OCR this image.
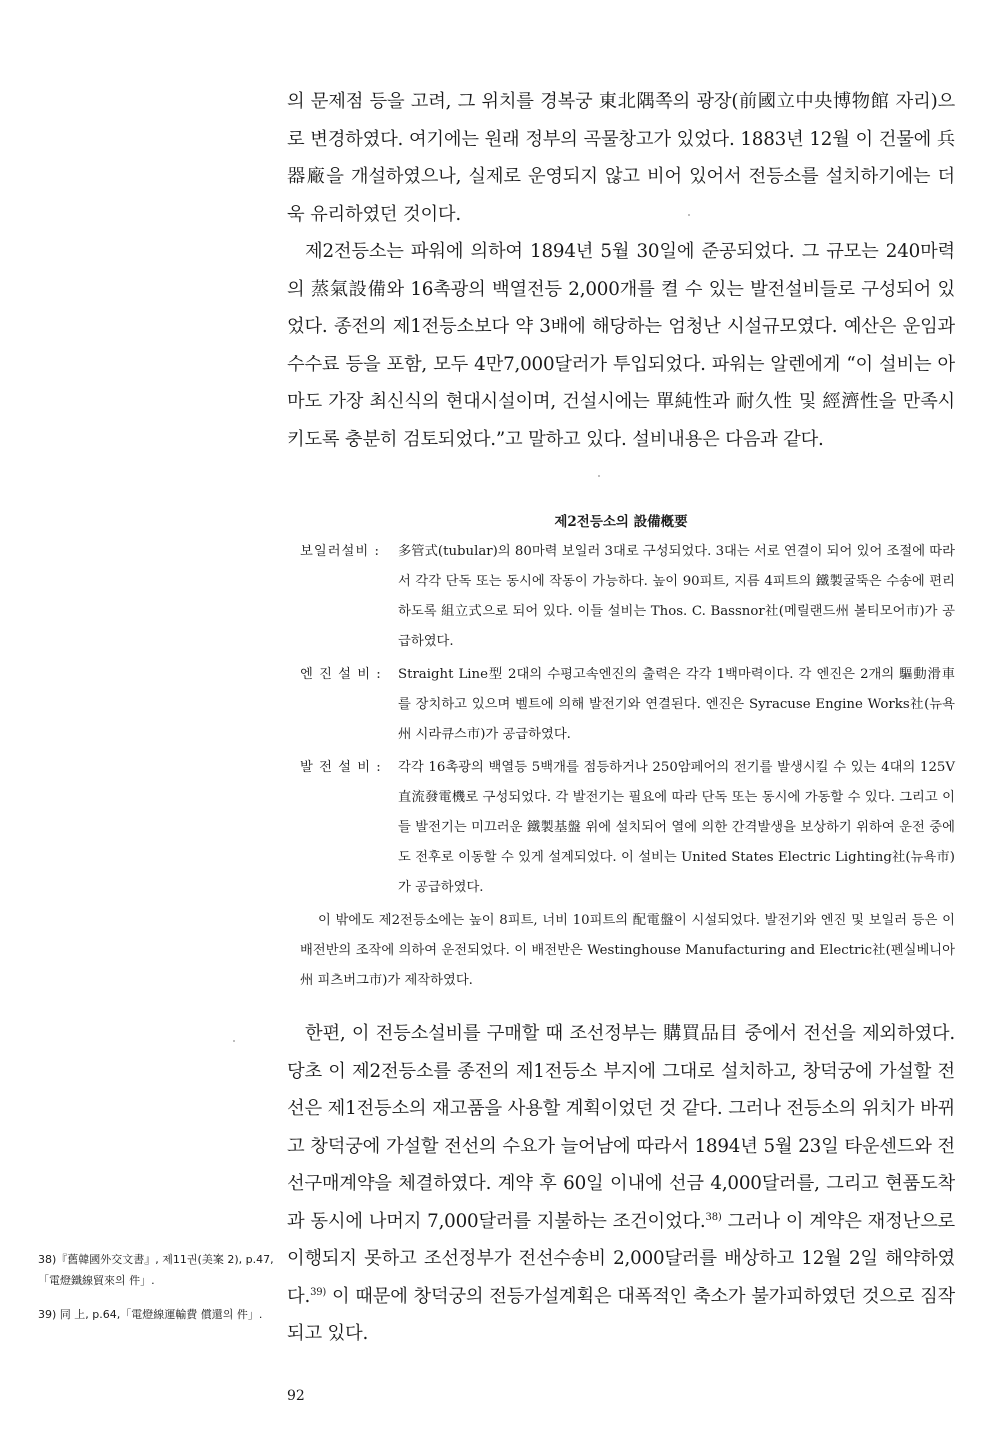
의 문제점 등을 고려, 그 위치를 경복궁 東北隅쪽의 광장(前國立中央博物館 자리)으로 변경하였다. 여기에는 원래 정부의 곡물창고가 있었다. 1883년 12월 이 건물에 兵器廠을 개설하였으나, 실제로 운영되지 않고 비어 있어서 전등소를 설치하기에는 더욱 유리하였던 것이다.

제2전등소는 파워에 의하여 1894년 5월 30일에 준공되었다. 그 규모는 240마력의 蒸氣設備와 16촉광의 백열전등 2,000개를 켤 수 있는 발전설비들로 구성되어 있었다. 종전의 제1전등소보다 약 3배에 해당하는 엄청난 시설규모였다. 예산은 운임과 수수료 등을 포함, 모두 4만7,000달러가 투입되었다. 파워는 알렌에게 “이 설비는 아마도 가장 최신식의 현대시설이며, 건설시에는 單純性과 耐久性 및 經濟性을 만족시키도록 충분히 검토되었다.”고 말하고 있다. 설비내용은 다음과 같다.

제2전등소의 設備槪要
보일러설비 :	多管式(tubular)의 80마력 보일러 3대로 구성되었다. 3대는 서로 연결이 되어 있어 조절에 따라서 각각 단독 또는 동시에 작동이 가능하다. 높이 90피트, 지름 4피트의 鐵製굴뚝은 수송에 편리하도록 組立式으로 되어 있다. 이들 설비는 Thos. C. Bassnor社(메릴랜드州 볼티모어市)가 공급하였다.
엔 진 설 비 :	Straight Line型 2대의 수평고속엔진의 출력은 각각 1백마력이다. 각 엔진은 2개의 驅動滑車를 장치하고 있으며 벨트에 의해 발전기와 연결된다. 엔진은 Syracuse Engine Works社(뉴욕州 시라큐스市)가 공급하였다.
발 전 설 비 :	각각 16촉광의 백열등 5백개를 점등하거나 250암페어의 전기를 발생시킬 수 있는 4대의 125V 直流發電機로 구성되었다. 각 발전기는 필요에 따라 단독 또는 동시에 가동할 수 있다. 그리고 이들 발전기는 미끄러운 鐵製基盤 위에 설치되어 열에 의한 간격발생을 보상하기 위하여 운전 중에도 전후로 이동할 수 있게 설계되었다. 이 설비는 United States Electric Lighting社(뉴욕市)가 공급하였다.
이 밖에도 제2전등소에는 높이 8피트, 너비 10피트의 配電盤이 시설되었다. 발전기와 엔진 및 보일러 등은 이 배전반의 조작에 의하여 운전되었다. 이 배전반은 Westinghouse Manufacturing and Electric社(펜실베니아州 피츠버그市)가 제작하였다.

한편, 이 전등소설비를 구매할 때 조선정부는 購買品目 중에서 전선을 제외하였다. 당초 이 제2전등소를 종전의 제1전등소 부지에 그대로 설치하고, 창덕궁에 가설할 전선은 제1전등소의 재고품을 사용할 계획이었던 것 같다. 그러나 전등소의 위치가 바뀌고 창덕궁에 가설할 전선의 수요가 늘어남에 따라서 1894년 5월 23일 타운센드와 전선구매계약을 체결하였다. 계약 후 60일 이내에 선금 4,000달러를, 그리고 현품도착과 동시에 나머지 7,000달러를 지불하는 조건이었다.$^{38)}$ 그러나 이 계약은 재정난으로 이행되지 못하고 조선정부가 전선수송비 2,000달러를 배상하고 12월 2일 해약하였다.$^{39)}$ 이 때문에 창덕궁의 전등가설계획은 대폭적인 축소가 불가피하였던 것으로 짐작되고 있다.

38)『舊韓國外交文書』, 제11권(美案 2), p.47,「電燈鐵線貿來의 件」.
39) 同 上, p.64,「電燈線運輸費 償還의 件」.
92
